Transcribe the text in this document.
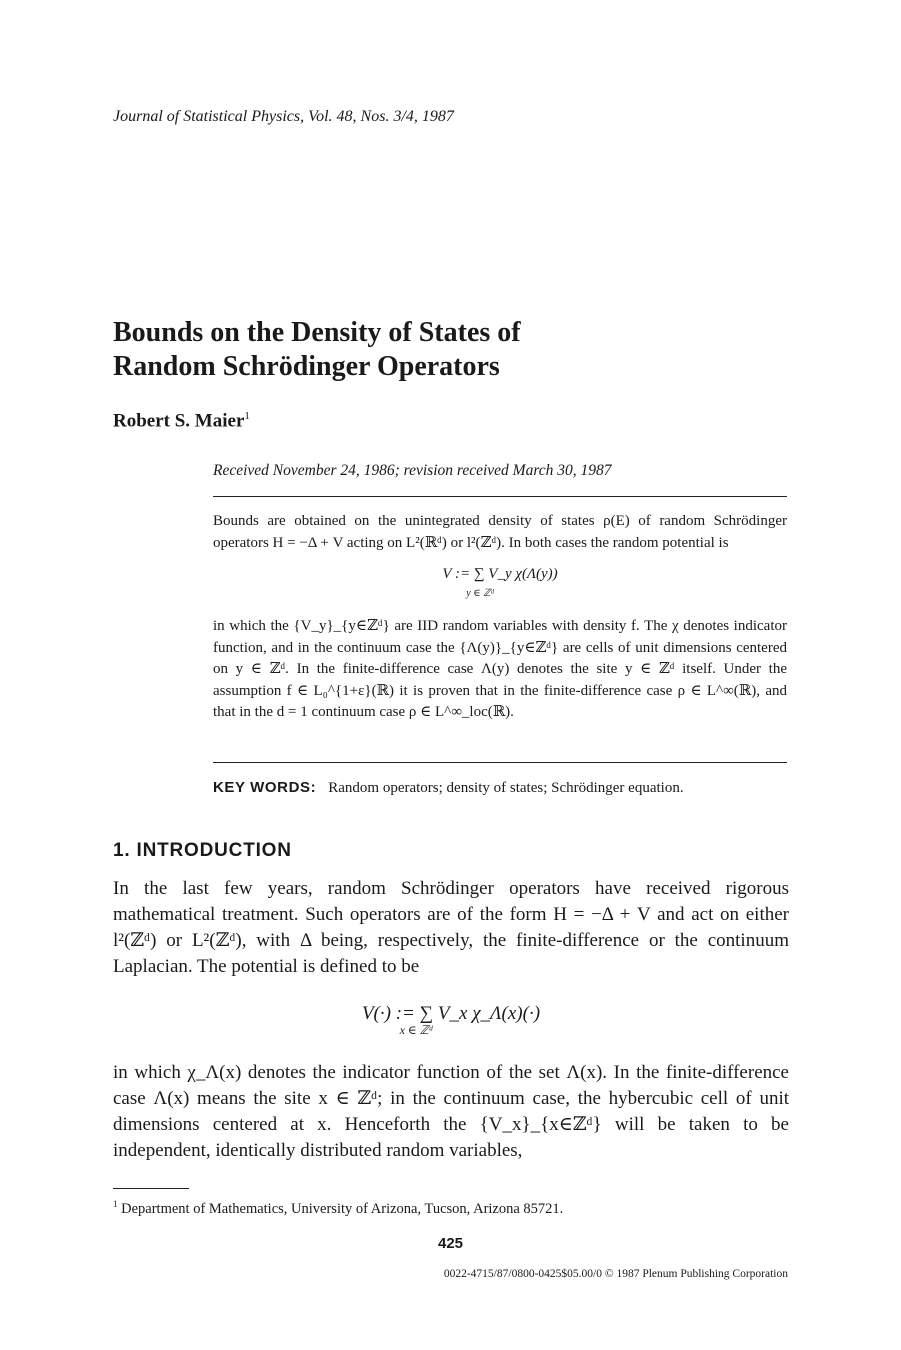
Journal of Statistical Physics, Vol. 48, Nos. 3/4, 1987
Bounds on the Density of States of
Random Schrödinger Operators
Robert S. Maier$^1$
Received November 24, 1986; revision received March 30, 1987

Bounds are obtained on the unintegrated density of states ρ(E) of random Schrödinger operators H = −Δ + V acting on L²(ℝᵈ) or l²(ℤᵈ). In both cases the random potential is

V := ∑ V_y χ(Λ(y))
y ∈ ℤᵈ

in which the {V_y}_{y∈ℤᵈ} are IID random variables with density f. The χ denotes indicator function, and in the continuum case the {Λ(y)}_{y∈ℤᵈ} are cells of unit dimensions centered on y ∈ ℤᵈ. In the finite-difference case Λ(y) denotes the site y ∈ ℤᵈ itself. Under the assumption f ∈ L₀^{1+ε}(ℝ) it is proven that in the finite-difference case ρ ∈ L^∞(ℝ), and that in the d = 1 continuum case ρ ∈ L^∞_loc(ℝ).

KEY WORDS: Random operators; density of states; Schrödinger equation.
1. INTRODUCTION

In the last few years, random Schrödinger operators have received rigorous mathematical treatment. Such operators are of the form H = −Δ + V and act on either l²(ℤᵈ) or L²(ℤᵈ), with Δ being, respectively, the finite-difference or the continuum Laplacian. The potential is defined to be

V(·) := ∑ V_x χ_Λ(x)(·)
x ∈ ℤᵈ

in which χ_Λ(x) denotes the indicator function of the set Λ(x). In the finite-difference case Λ(x) means the site x ∈ ℤᵈ; in the continuum case, the hybercubic cell of unit dimensions centered at x. Henceforth the {V_x}_{x∈ℤᵈ} will be taken to be independent, identically distributed random variables,

$^1$ Department of Mathematics, University of Arizona, Tucson, Arizona 85721.
425
0022-4715/87/0800-0425$05.00/0 © 1987 Plenum Publishing Corporation
